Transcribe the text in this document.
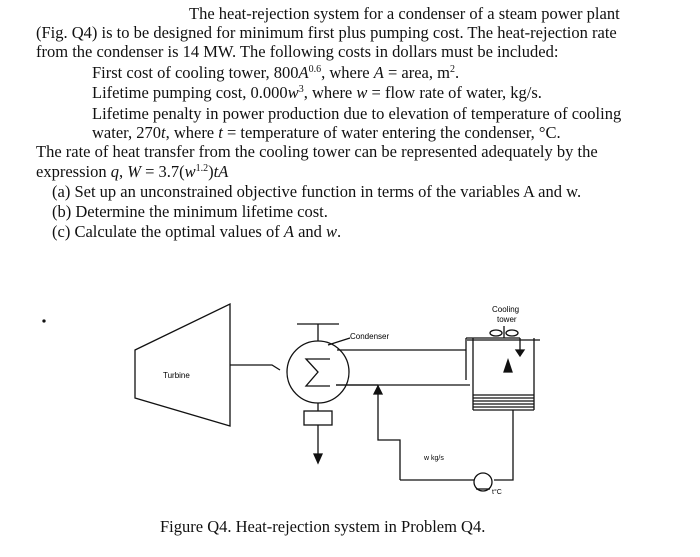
The heat-rejection system for a condenser of a steam power plant
(Fig. Q4) is to be designed for minimum first plus pumping cost. The heat-rejection rate
from the condenser is 14 MW. The following costs in dollars must be included:
First cost of cooling tower, $800A^{0.6}$, where A = area, $m^2$.
Lifetime pumping cost, $0.000w^3$, where w = flow rate of water, kg/s.
Lifetime penalty in power production due to elevation of temperature of cooling
water, 270t, where t = temperature of water entering the condenser, °C.
The rate of heat transfer from the cooling tower can be represented adequately by the
expression q, $W = 3.7(w^{1.2})tA$
(a) Set up an unconstrained objective function in terms of the variables A and w.
(b) Determine the minimum lifetime cost.
(c) Calculate the optimal values of A and w.
Turbine
Condenser
Cooling
tower
w kg/s
t°C
Figure Q4. Heat-rejection system in Problem Q4.
